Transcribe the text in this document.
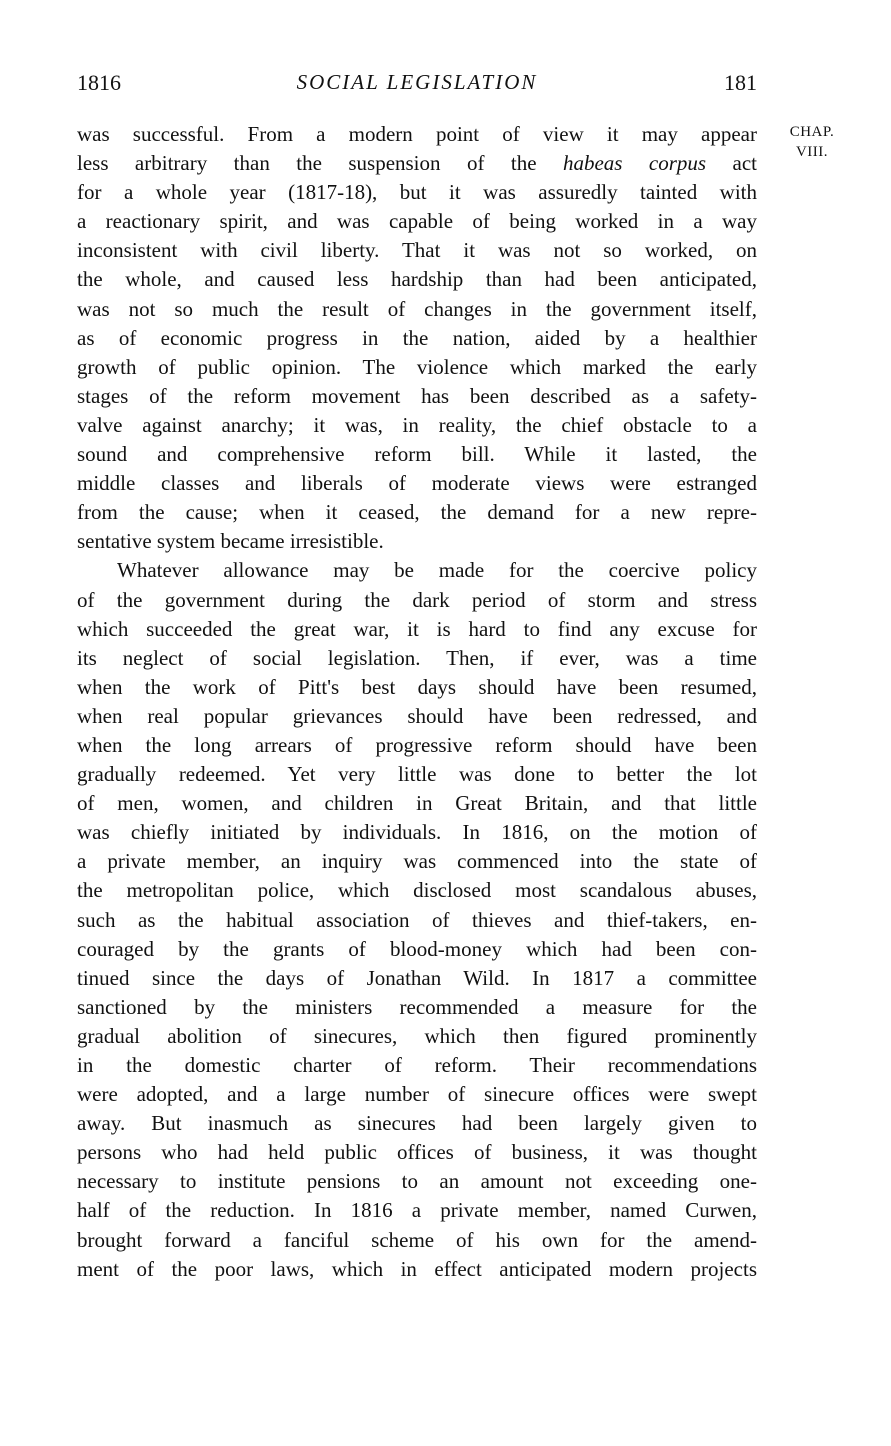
1816	SOCIAL LEGISLATION	181
CHAP.
VIII.
was successful. From a modern point of view it may appear
less arbitrary than the suspension of the habeas corpus act
for a whole year (1817-18), but it was assuredly tainted with
a reactionary spirit, and was capable of being worked in a way
inconsistent with civil liberty. That it was not so worked, on
the whole, and caused less hardship than had been anticipated,
was not so much the result of changes in the government itself,
as of economic progress in the nation, aided by a healthier
growth of public opinion. The violence which marked the early
stages of the reform movement has been described as a safety-
valve against anarchy; it was, in reality, the chief obstacle to a
sound and comprehensive reform bill. While it lasted, the
middle classes and liberals of moderate views were estranged
from the cause; when it ceased, the demand for a new repre-
sentative system became irresistible.
Whatever allowance may be made for the coercive policy
of the government during the dark period of storm and stress
which succeeded the great war, it is hard to find any excuse for
its neglect of social legislation. Then, if ever, was a time
when the work of Pitt's best days should have been resumed,
when real popular grievances should have been redressed, and
when the long arrears of progressive reform should have been
gradually redeemed. Yet very little was done to better the lot
of men, women, and children in Great Britain, and that little
was chiefly initiated by individuals. In 1816, on the motion of
a private member, an inquiry was commenced into the state of
the metropolitan police, which disclosed most scandalous abuses,
such as the habitual association of thieves and thief-takers, en-
couraged by the grants of blood-money which had been con-
tinued since the days of Jonathan Wild. In 1817 a committee
sanctioned by the ministers recommended a measure for the
gradual abolition of sinecures, which then figured prominently
in the domestic charter of reform. Their recommendations
were adopted, and a large number of sinecure offices were swept
away. But inasmuch as sinecures had been largely given to
persons who had held public offices of business, it was thought
necessary to institute pensions to an amount not exceeding one-
half of the reduction. In 1816 a private member, named Curwen,
brought forward a fanciful scheme of his own for the amend-
ment of the poor laws, which in effect anticipated modern projects
